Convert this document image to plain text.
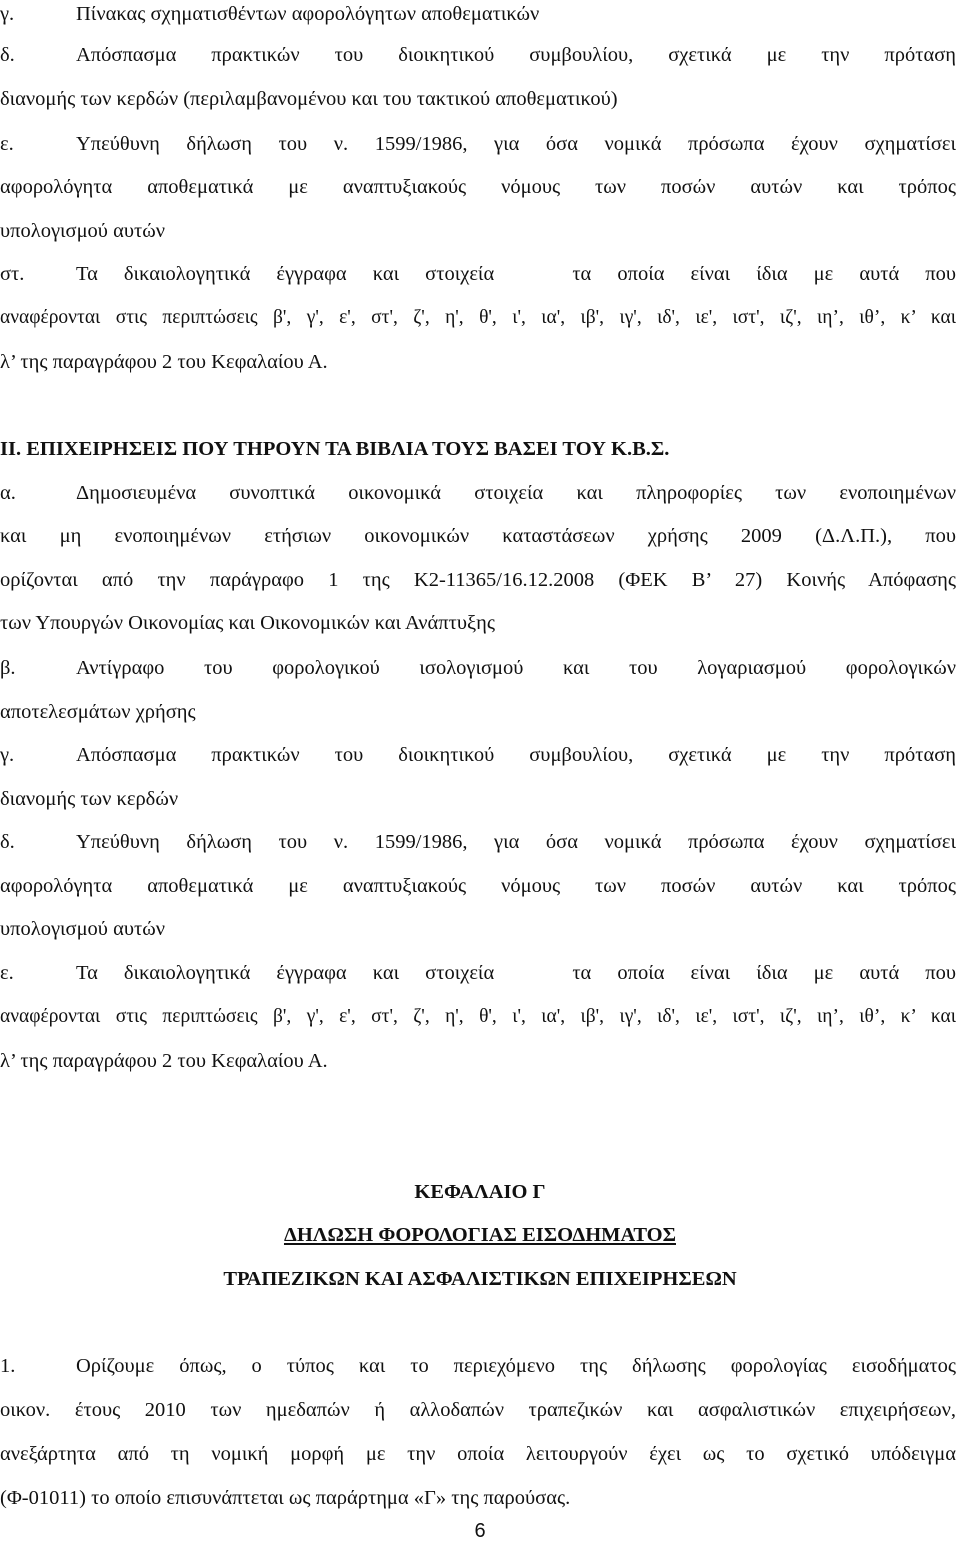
γ.	Πίνακας σχηματισθέντων αφορολόγητων αποθεματικών
δ.	Απόσπασμα πρακτικών του διοικητικού συμβουλίου, σχετικά με την πρόταση
διανομής των κερδών (περιλαμβανομένου και του τακτικού αποθεματικού)
ε.	Υπεύθυνη δήλωση του ν. 1599/1986, για όσα νομικά πρόσωπα έχουν σχηματίσει
αφορολόγητα αποθεματικά με αναπτυξιακούς νόμους των ποσών αυτών και τρόπος
υπολογισμού αυτών
στ.	Τα δικαιολογητικά έγγραφα και στοιχεία   τα οποία είναι ίδια με αυτά που
αναφέρονται στις περιπτώσεις β', γ', ε', στ', ζ', η', θ', ι', ια', ιβ', ιγ', ιδ', ιε', ιστ', ιζ', ιη’, ιθ’, κ’ και
λ’ της παραγράφου 2 του Κεφαλαίου Α.
ΙΙ. ΕΠΙΧΕΙΡΗΣΕΙΣ ΠΟΥ ΤΗΡΟΥΝ ΤΑ ΒΙΒΛΙΑ ΤΟΥΣ ΒΑΣΕΙ ΤΟΥ Κ.Β.Σ.
α.	Δημοσιευμένα συνοπτικά οικονομικά στοιχεία και πληροφορίες των ενοποιημένων
και μη ενοποιημένων ετήσιων οικονομικών καταστάσεων χρήσης 2009 (Δ.Λ.Π.), που
ορίζονται από την παράγραφο 1 της Κ2-11365/16.12.2008 (ΦΕΚ Β’ 27) Κοινής Απόφασης
των Υπουργών Οικονομίας και Οικονομικών και Ανάπτυξης
β.	Αντίγραφο του φορολογικού ισολογισμού και του λογαριασμού φορολογικών
αποτελεσμάτων χρήσης
γ.	Απόσπασμα πρακτικών του διοικητικού συμβουλίου, σχετικά με την πρόταση
διανομής των κερδών
δ.	Υπεύθυνη δήλωση του ν. 1599/1986, για όσα νομικά πρόσωπα έχουν σχηματίσει
αφορολόγητα αποθεματικά με αναπτυξιακούς νόμους των ποσών αυτών και τρόπος
υπολογισμού αυτών
ε.	Τα δικαιολογητικά έγγραφα και στοιχεία   τα οποία είναι ίδια με αυτά που
αναφέρονται στις περιπτώσεις β', γ', ε', στ', ζ', η', θ', ι', ια', ιβ', ιγ', ιδ', ιε', ιστ', ιζ', ιη’, ιθ’, κ’ και
λ’ της παραγράφου 2 του Κεφαλαίου Α.
ΚΕΦΑΛΑΙΟ Γ
ΔΗΛΩΣΗ ΦΟΡΟΛΟΓΙΑΣ ΕΙΣΟΔΗΜΑΤΟΣ
ΤΡΑΠΕΖΙΚΩΝ ΚΑΙ ΑΣΦΑΛΙΣΤΙΚΩΝ ΕΠΙΧΕΙΡΗΣΕΩΝ
1.	Ορίζουμε όπως, ο τύπος και το περιεχόμενο της δήλωσης φορολογίας εισοδήματος
οικον. έτους 2010 των ημεδαπών ή αλλοδαπών τραπεζικών και ασφαλιστικών επιχειρήσεων,
ανεξάρτητα από τη νομική μορφή με την οποία λειτουργούν έχει ως το σχετικό υπόδειγμα
(Φ-01011) το οποίο επισυνάπτεται ως παράρτημα «Γ» της παρούσας.
6
